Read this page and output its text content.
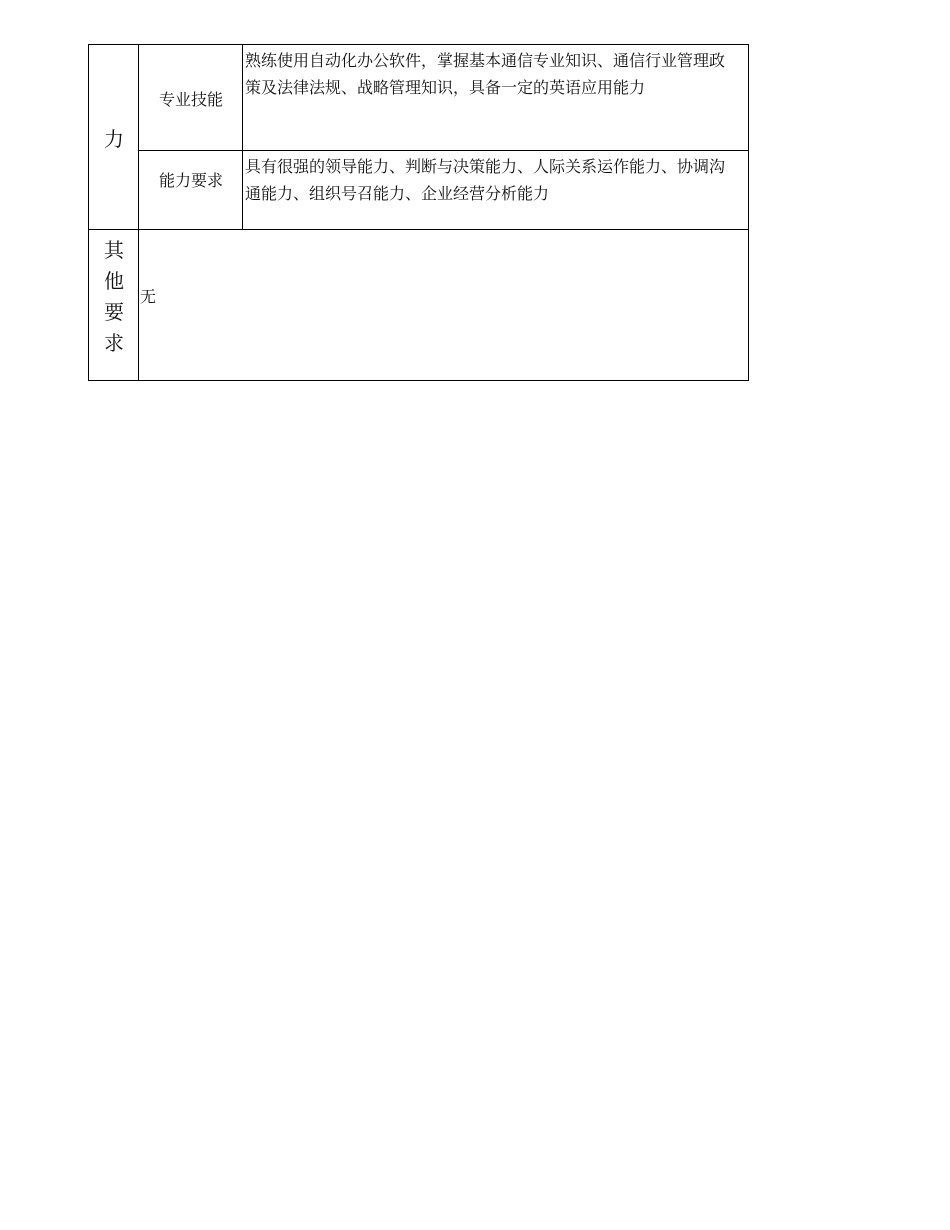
力
专业技能
熟练使用自动化办公软件，掌握基本通信专业知识、通信行业管理政策及法律法规、战略管理知识，具备一定的英语应用能力
能力要求
具有很强的领导能力、判断与决策能力、人际关系运作能力、协调沟通能力、组织号召能力、企业经营分析能力
其
他
要
求
无
